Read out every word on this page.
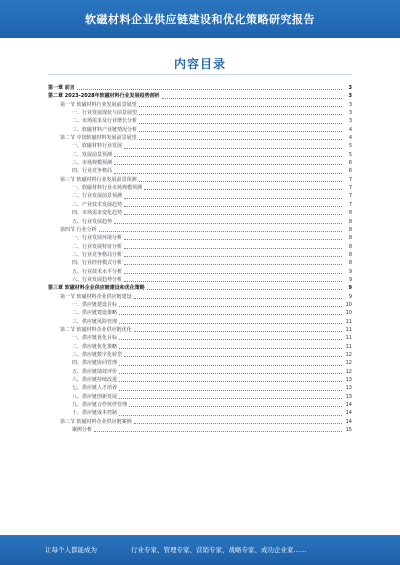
软磁材料企业供应链建设和优化策略研究报告
内容目录
第一章 前言	3
第二章 2023-2028年软磁材料行业发展趋势剖析	3
第一节 软磁材料行业发展前景展望	3
一、行业发展现状与前景展望	3
二、市场需求及行业增长分析	3
三、软磁材料产业链情况分析	4
第二节 中国软磁材料发展前景展望	4
一、软磁材料行业发展	5
二、发展前景预测	5
三、市场规模预测	6
四、行业竞争格局	6
第三节 软磁材料行业发展前景预测	7
一、软磁材料行业市场规模预测	7
二、行业发展前景预测	7
三、产业技术发展趋势	7
四、市场需求变化趋势	8
五、行业发展趋势	8
第四节 行业分析	8
一、行业发展环境分析	8
二、行业发展特征分析	8
三、行业竞争格局分析	8
四、行业经营模式分析	8
五、行业技术水平分析	9
六、行业发展趋势分析	9
第三章 软磁材料企业供应链建设和优化策略	9
第一节 软磁材料企业供应链建设	9
一、供应链建设目标	10
二、供应链建设策略	10
三、供应链风险管理	11
第二节 软磁材料企业供应链优化	11
一、供应链优化目标	11
二、供应链优化策略	11
三、供应链数字化转型	12
四、供应链协同管理	12
五、供应链绩效评价	12
六、供应链持续改进	13
七、供应链人才培养	13
八、供应链创新发展	13
九、供应链合作伙伴管理	14
十、供应链成本控制	14
第三节 软磁材料企业供应链案例	14
案例分析	15
让每个人都能成为	行业专家、管理专家、营销专家、战略专家、成功企业家……
